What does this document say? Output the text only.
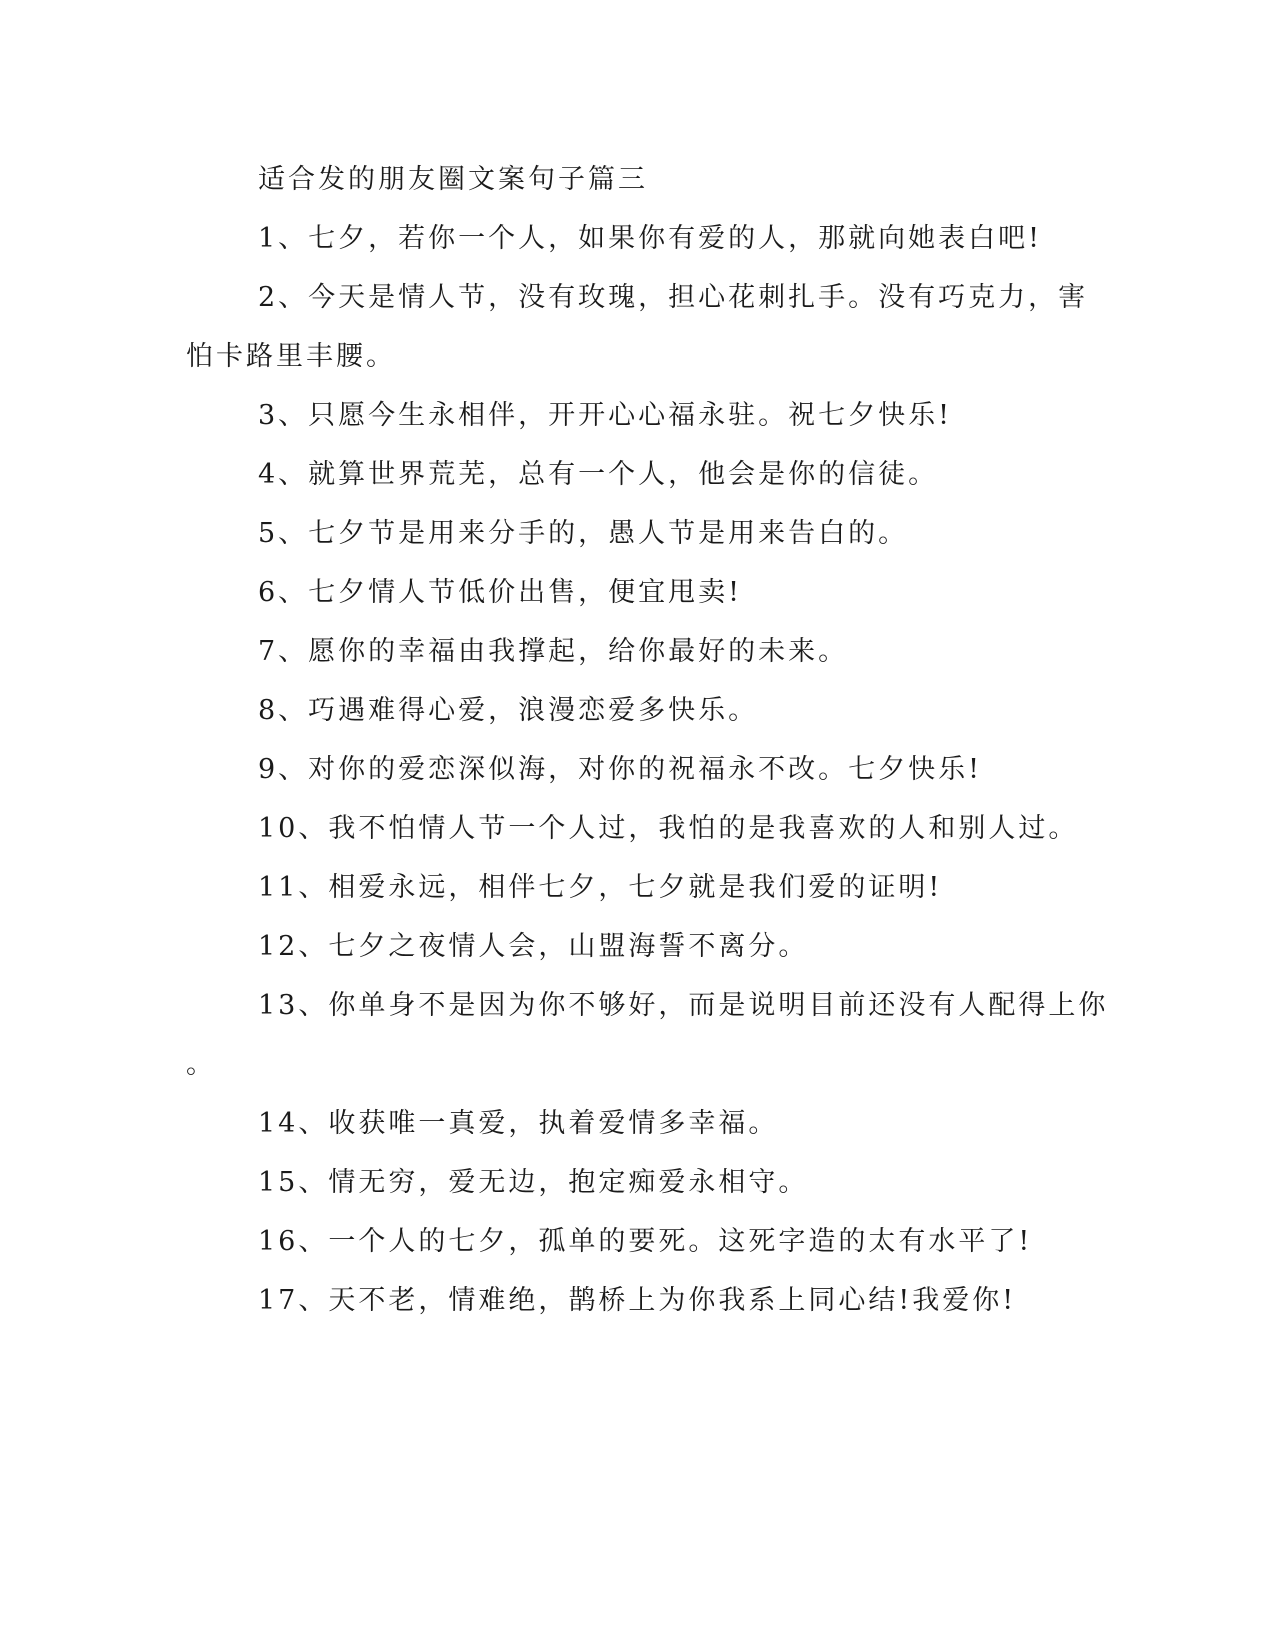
适合发的朋友圈文案句子篇三
1、七夕，若你一个人，如果你有爱的人，那就向她表白吧!
2、今天是情人节，没有玫瑰，担心花刺扎手。没有巧克力，害
怕卡路里丰腰。
3、只愿今生永相伴，开开心心福永驻。祝七夕快乐!
4、就算世界荒芜，总有一个人，他会是你的信徒。
5、七夕节是用来分手的，愚人节是用来告白的。
6、七夕情人节低价出售，便宜甩卖!
7、愿你的幸福由我撑起，给你最好的未来。
8、巧遇难得心爱，浪漫恋爱多快乐。
9、对你的爱恋深似海，对你的祝福永不改。七夕快乐!
10、我不怕情人节一个人过，我怕的是我喜欢的人和别人过。
11、相爱永远，相伴七夕，七夕就是我们爱的证明!
12、七夕之夜情人会，山盟海誓不离分。
13、你单身不是因为你不够好，而是说明目前还没有人配得上你
。
14、收获唯一真爱，执着爱情多幸福。
15、情无穷，爱无边，抱定痴爱永相守。
16、一个人的七夕，孤单的要死。这死字造的太有水平了!
17、天不老，情难绝，鹊桥上为你我系上同心结!我爱你!
